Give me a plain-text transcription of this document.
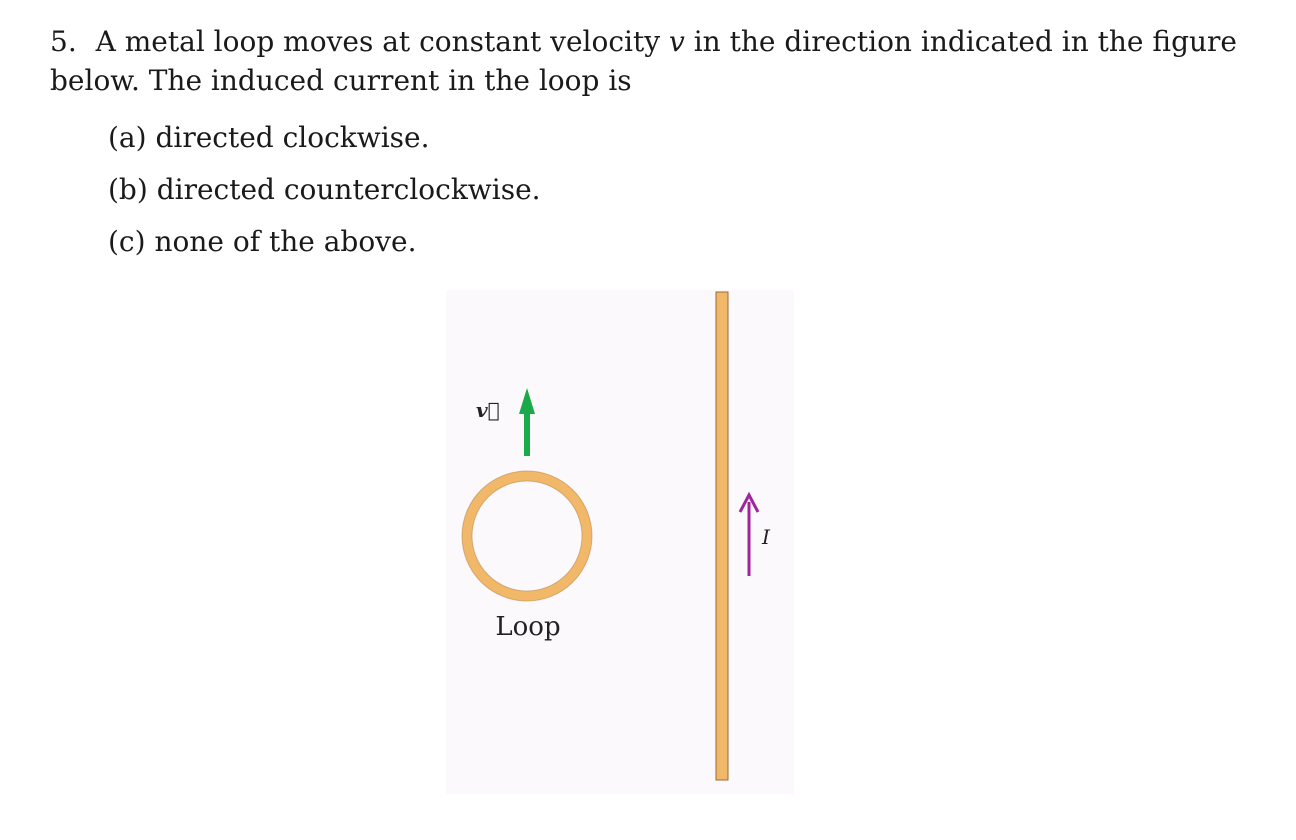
5. A metal loop moves at constant velocity v in the direction indicated in the figure below. The induced current in the loop is
(a) directed clockwise.
(b) directed counterclockwise.
(c) none of the above.
v⃗
Loop
I
